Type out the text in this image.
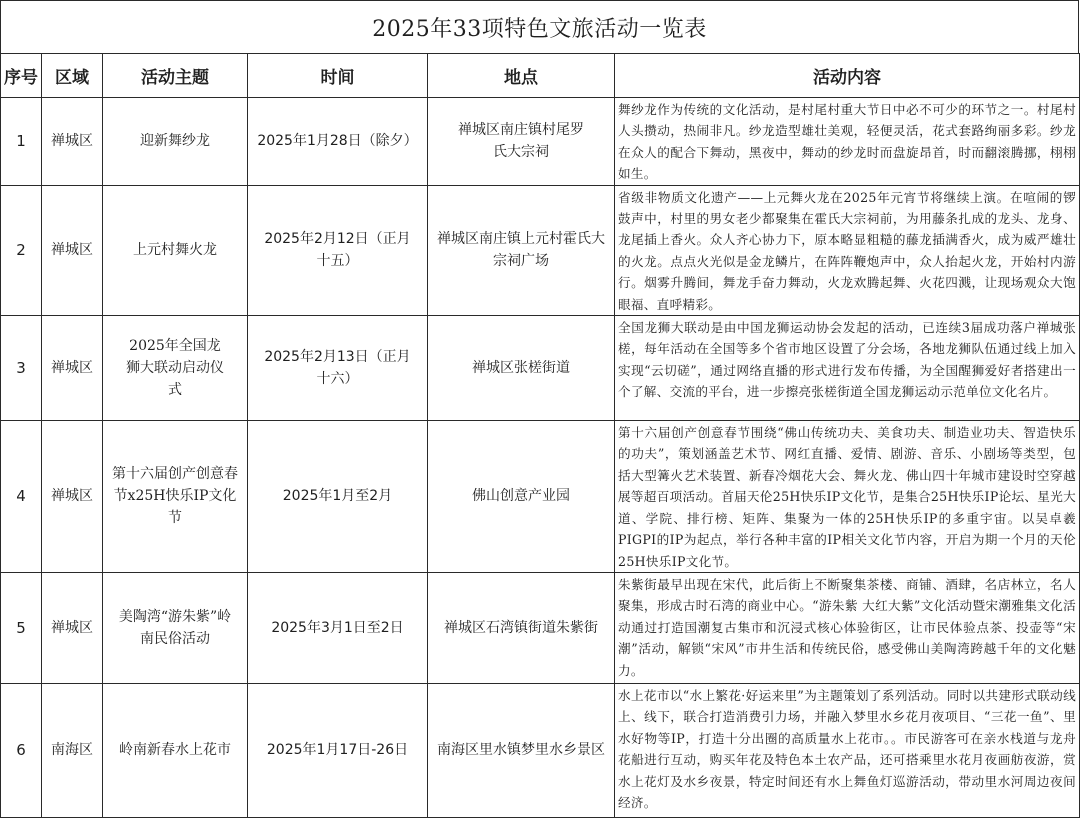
2025年33项特色文旅活动一览表
序号	区域	活动主题	时间	地点	活动内容
1	禅城区	迎新舞纱龙	2025年1月28日（除夕）	禅城区南庄镇村尾罗氏大宗祠	舞纱龙作为传统的文化活动，是村尾村重大节日中必不可少的环节之一。村尾村人头攒动，热闹非凡。纱龙造型雄壮美观，轻便灵活，花式套路绚丽多彩。纱龙在众人的配合下舞动，黑夜中，舞动的纱龙时而盘旋昂首，时而翻滚腾挪，栩栩如生。
2	禅城区	上元村舞火龙	2025年2月12日（正月十五）	禅城区南庄镇上元村霍氏大宗祠广场	省级非物质文化遗产——上元舞火龙在2025年元宵节将继续上演。在喧闹的锣鼓声中，村里的男女老少都聚集在霍氏大宗祠前，为用藤条扎成的龙头、龙身、龙尾插上香火。众人齐心协力下，原本略显粗糙的藤龙插满香火，成为威严雄壮的火龙。点点火光似是金龙鳞片，在阵阵鞭炮声中，众人抬起火龙，开始村内游行。烟雾升腾间，舞龙手奋力舞动，火龙欢腾起舞、火花四溅，让现场观众大饱眼福、直呼精彩。
3	禅城区	2025年全国龙狮大联动启动仪式	2025年2月13日（正月十六）	禅城区张槎街道	全国龙狮大联动是由中国龙狮运动协会发起的活动，已连续3届成功落户禅城张槎，每年活动在全国等多个省市地区设置了分会场，各地龙狮队伍通过线上加入实现“云切磋”，通过网络直播的形式进行发布传播，为全国醒狮爱好者搭建出一个了解、交流的平台，进一步擦亮张槎街道全国龙狮运动示范单位文化名片。
4	禅城区	第十六届创产创意春节x25H快乐IP文化节	2025年1月至2月	佛山创意产业园	第十六届创产创意春节围绕“佛山传统功夫、美食功夫、制造业功夫、智造快乐的功夫”，策划涵盖艺术节、网红直播、爱情、剧游、音乐、小剧场等类型，包括大型篝火艺术装置、新春冷烟花大会、舞火龙、佛山四十年城市建设时空穿越展等超百项活动。首届天伦25H快乐IP文化节，是集合25H快乐IP论坛、星光大道、学院、排行榜、矩阵、集聚为一体的25H快乐IP的多重宇宙。以吴卓羲PIGPI的IP为起点，举行各种丰富的IP相关文化节内容，开启为期一个月的天伦25H快乐IP文化节。
5	禅城区	美陶湾“游朱紫”岭南民俗活动	2025年3月1日至2日	禅城区石湾镇街道朱紫街	朱紫街最早出现在宋代，此后街上不断聚集茶楼、商铺、酒肆，名店林立，名人聚集，形成古时石湾的商业中心。“游朱紫 大红大紫”文化活动暨宋潮雅集文化活动通过打造国潮复古集市和沉浸式核心体验街区，让市民体验点茶、投壶等“宋潮”活动，解锁“宋风”市井生活和传统民俗，感受佛山美陶湾跨越千年的文化魅力。
6	南海区	岭南新春水上花市	2025年1月17日-26日	南海区里水镇梦里水乡景区	水上花市以“水上繁花·好运来里”为主题策划了系列活动。同时以共建形式联动线上、线下，联合打造消费引力场，并融入梦里水乡花月夜项目、“三花一鱼”、里水好物等IP，打造十分出圈的高质量水上花市。。市民游客可在亲水栈道与龙舟花船进行互动，购买年花及特色本土农产品，还可搭乘里水花月夜画舫夜游，赏水上花灯及水乡夜景，特定时间还有水上舞鱼灯巡游活动，带动里水河周边夜间经济。
